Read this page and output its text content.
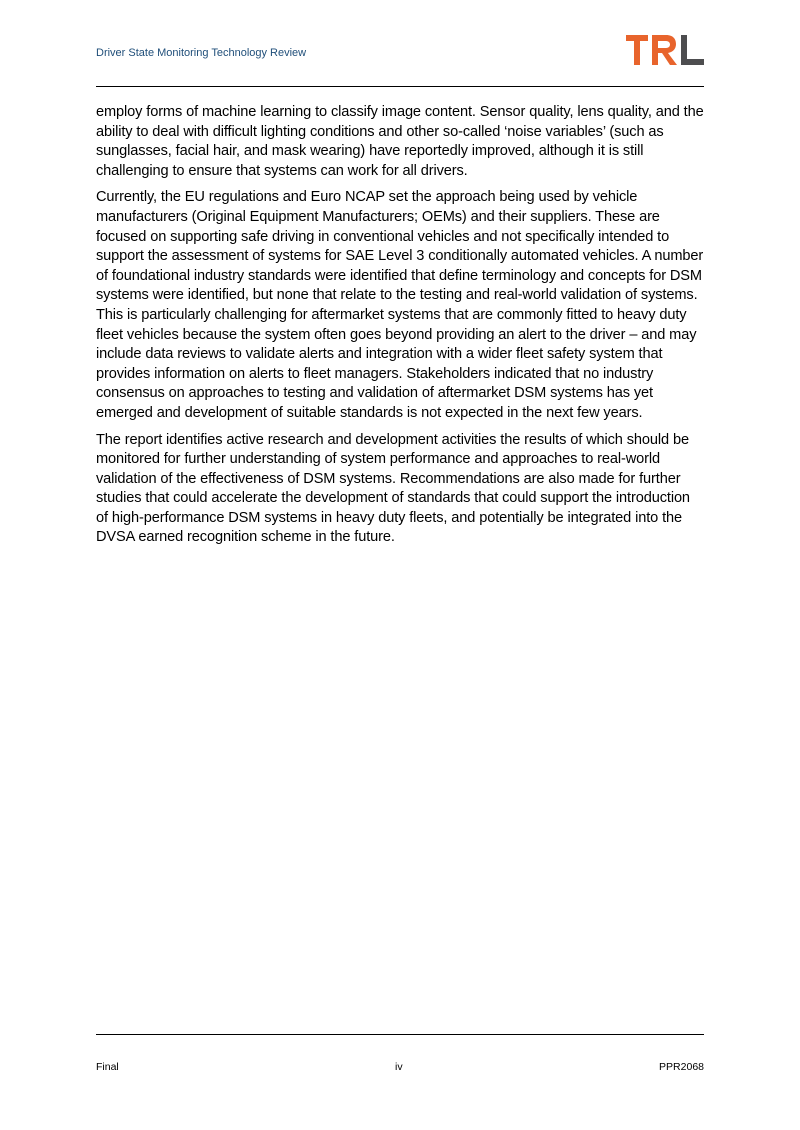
Driver State Monitoring Technology Review

employ forms of machine learning to classify image content. Sensor quality, lens quality, and the ability to deal with difficult lighting conditions and other so-called ‘noise variables’ (such as sunglasses, facial hair, and mask wearing) have reportedly improved, although it is still challenging to ensure that systems can work for all drivers.

Currently, the EU regulations and Euro NCAP set the approach being used by vehicle manufacturers (Original Equipment Manufacturers; OEMs) and their suppliers. These are focused on supporting safe driving in conventional vehicles and not specifically intended to support the assessment of systems for SAE Level 3 conditionally automated vehicles. A number of foundational industry standards were identified that define terminology and concepts for DSM systems were identified, but none that relate to the testing and real-world validation of systems. This is particularly challenging for aftermarket systems that are commonly fitted to heavy duty fleet vehicles because the system often goes beyond providing an alert to the driver – and may include data reviews to validate alerts and integration with a wider fleet safety system that provides information on alerts to fleet managers. Stakeholders indicated that no industry consensus on approaches to testing and validation of aftermarket DSM systems has yet emerged and development of suitable standards is not expected in the next few years.

The report identifies active research and development activities the results of which should be monitored for further understanding of system performance and approaches to real-world validation of the effectiveness of DSM systems. Recommendations are also made for further studies that could accelerate the development of standards that could support the introduction of high-performance DSM systems in heavy duty fleets, and potentially be integrated into the DVSA earned recognition scheme in the future.

Final	iv	PPR2068
